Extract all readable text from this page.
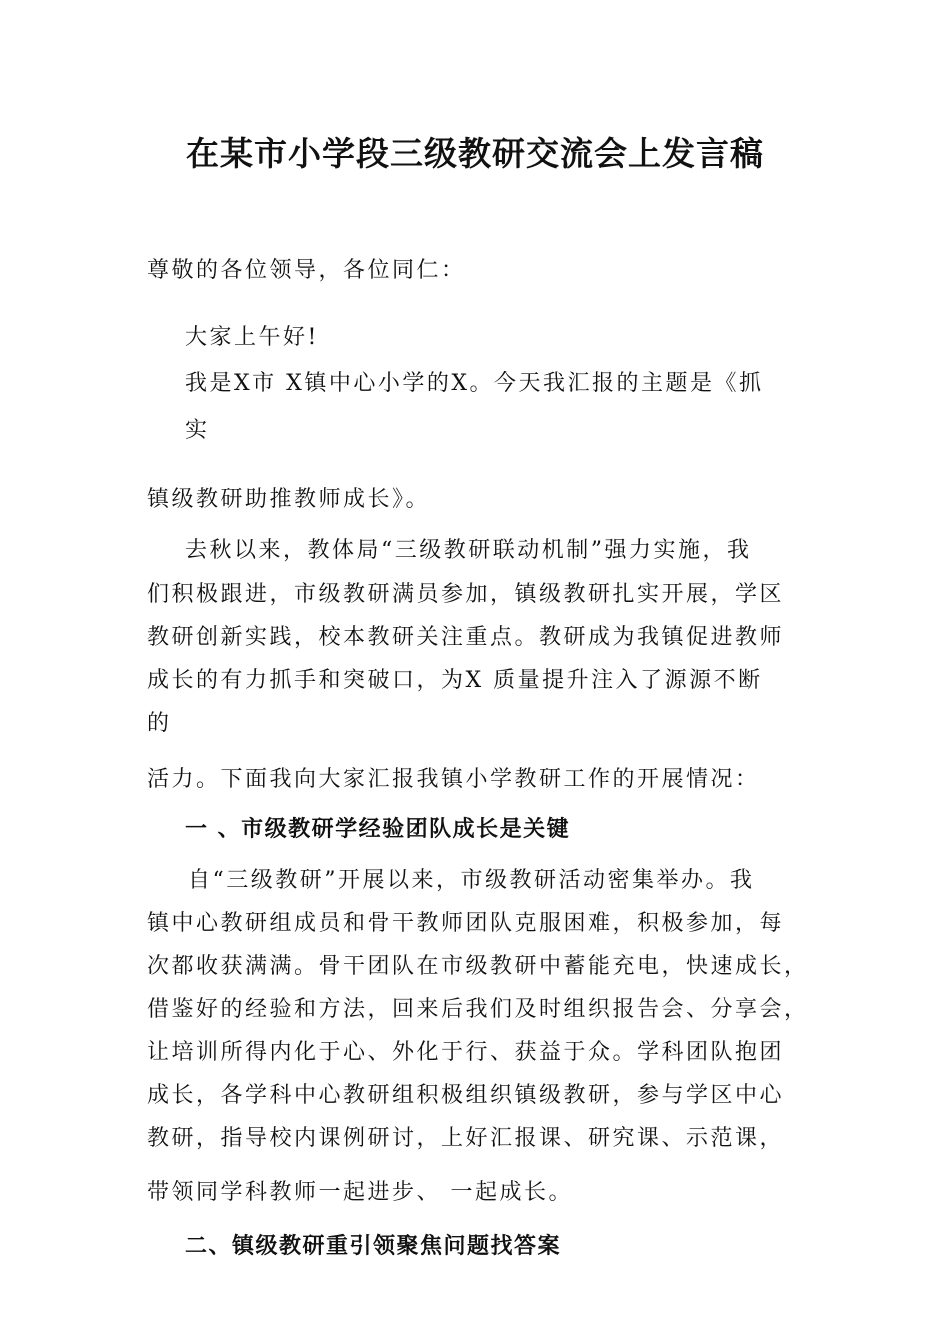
在某市小学段三级教研交流会上发言稿
尊敬的各位领导，各位同仁：
大家上午好!
我是X市 X镇中心小学的X。今天我汇报的主题是《抓
实
镇级教研助推教师成长》。
去秋以来，教体局“三级教研联动机制”强力实施，我
们积极跟进，市级教研满员参加，镇级教研扎实开展，学区
教研创新实践，校本教研关注重点。教研成为我镇促进教师
成长的有力抓手和突破口，为X 质量提升注入了源源不断
的
活力。下面我向大家汇报我镇小学教研工作的开展情况：
一 、市级教研学经验团队成长是关键
自“三级教研”开展以来，市级教研活动密集举办。我
镇中心教研组成员和骨干教师团队克服困难，积极参加，每
次都收获满满。骨干团队在市级教研中蓄能充电，快速成长，
借鉴好的经验和方法，回来后我们及时组织报告会、分享会，
让培训所得内化于心、外化于行、获益于众。学科团队抱团
成长，各学科中心教研组积极组织镇级教研，参与学区中心
教研，指导校内课例研讨，上好汇报课、研究课、示范课，
带领同学科教师一起进步、 一起成长。
二、镇级教研重引领聚焦问题找答案
